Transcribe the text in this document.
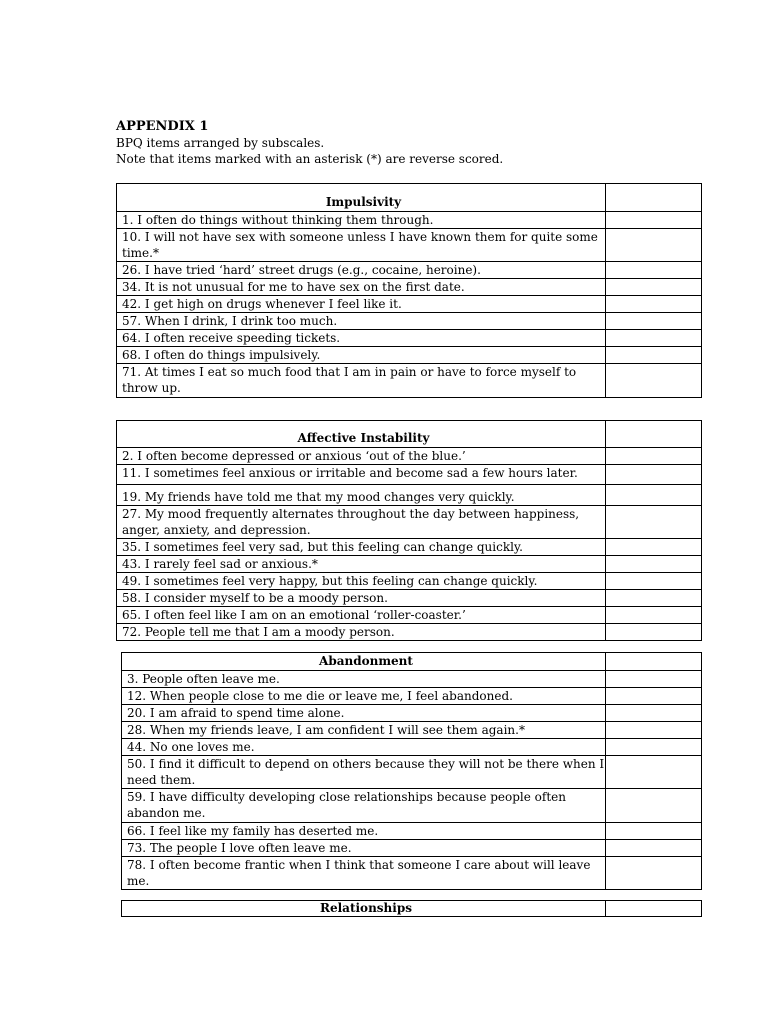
APPENDIX 1
BPQ items arranged by subscales.
Note that items marked with an asterisk (*) are reverse scored.
Impulsivity	
1. I often do things without thinking them through.	
10. I will not have sex with someone unless I have known them for quite some time.*	
26. I have tried ‘hard’ street drugs (e.g., cocaine, heroine).	
34. It is not unusual for me to have sex on the first date.	
42. I get high on drugs whenever I feel like it.	
57. When I drink, I drink too much.	
64. I often receive speeding tickets.	
68. I often do things impulsively.	
71. At times I eat so much food that I am in pain or have to force myself to throw up.	
Affective Instability	
2. I often become depressed or anxious ‘out of the blue.’	
11. I sometimes feel anxious or irritable and become sad a few hours later.	
19. My friends have told me that my mood changes very quickly.	
27. My mood frequently alternates throughout the day between happiness, anger, anxiety, and depression.	
35. I sometimes feel very sad, but this feeling can change quickly.	
43. I rarely feel sad or anxious.*	
49. I sometimes feel very happy, but this feeling can change quickly.	
58. I consider myself to be a moody person.	
65. I often feel like I am on an emotional ‘roller-coaster.’	
72. People tell me that I am a moody person.	
Abandonment	
3. People often leave me.	
12. When people close to me die or leave me, I feel abandoned.	
20. I am afraid to spend time alone.	
28. When my friends leave, I am confident I will see them again.*	
44. No one loves me.	
50. I find it difficult to depend on others because they will not be there when I need them.	
59. I have difficulty developing close relationships because people often abandon me.	
66. I feel like my family has deserted me.	
73. The people I love often leave me.	
78. I often become frantic when I think that someone I care about will leave me.	
Relationships	
